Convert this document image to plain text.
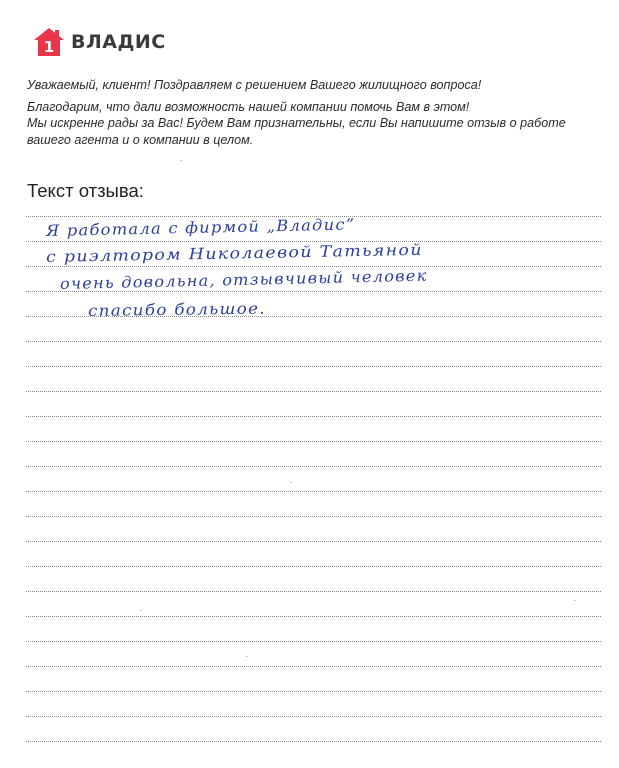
1 ВЛАДИС

Уважаемый, клиент! Поздравляем с решением Вашего жилищного вопроса!

Благодарим, что дали возможность нашей компании помочь Вам в этом!

Мы искренне рады за Вас! Будем Вам признательны, если Вы напишите отзыв о работе

вашего агента и о компании в целом.

Текст отзыва:
Я работала с фирмой „Владис”
с риэлтором Николаевой Татьяной
очень довольна, отзывчивый человек
спасибо большое.
